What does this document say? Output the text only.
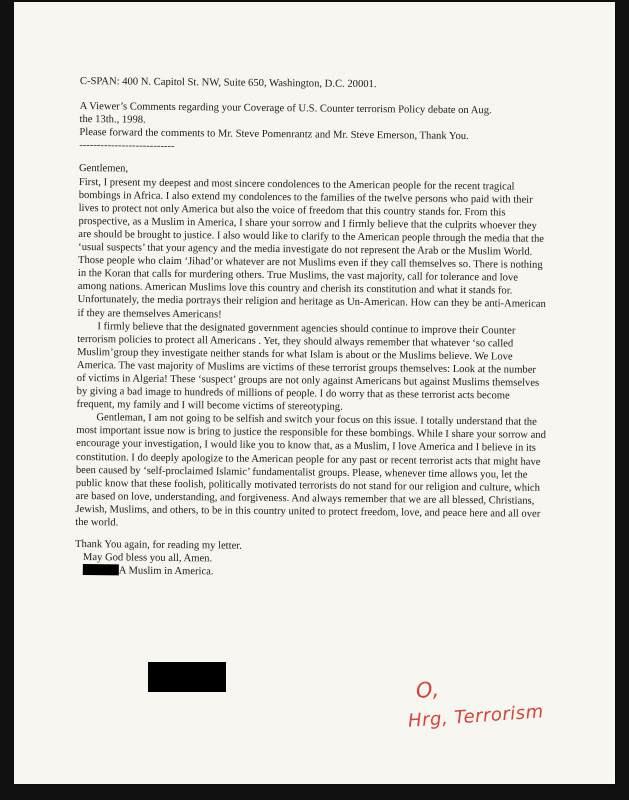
C-SPAN: 400 N. Capitol St. NW, Suite 650, Washington, D.C. 20001.

A Viewer’s Comments regarding your Coverage of U.S. Counter terrorism Policy debate on Aug.

the 13th., 1998.

Please forward the comments to Mr. Steve Pomenrantz and Mr. Steve Emerson, Thank You.

---------------------------

Gentlemen,

First, I present my deepest and most sincere condolences to the American people for the recent tragical bombings in Africa. I also extend my condolences to the families of the twelve persons who paid with their lives to protect not only America but also the voice of freedom that this country stands for. From this prospective, as a Muslim in America, I share your sorrow and I firmly believe that the culprits whoever they are should be brought to justice. I also would like to clarify to the American people through the media that the ‘usual suspects’ that your agency and the media investigate do not represent the Arab or the Muslim World. Those people who claim ‘Jihad’or whatever are not Muslims even if they call themselves so. There is nothing in the Koran that calls for murdering others. True Muslims, the vast majority, call for tolerance and love among nations. American Muslims love this country and cherish its constitution and what it stands for. Unfortunately, the media portrays their religion and heritage as Un-American. How can they be anti-American if they are themselves Americans!

I firmly believe that the designated government agencies should continue to improve their Counter terrorism policies to protect all Americans . Yet, they should always remember that whatever ‘so called Muslim’group they investigate neither stands for what Islam is about or the Muslims believe. We Love America. The vast majority of Muslims are victims of these terrorist groups themselves: Look at the number of victims in Algeria! These ‘suspect’ groups are not only against Americans but against Muslims themselves by giving a bad image to hundreds of millions of people. I do worry that as these terrorist acts become frequent, my family and I will become victims of stereotyping.

Gentleman, I am not going to be selfish and switch your focus on this issue. I totally understand that the most important issue now is bring to justice the responsible for these bombings. While I share your sorrow and encourage your investigation, I would like you to know that, as a Muslim, I love America and I believe in its constitution. I do deeply apologize to the American people for any past or recent terrorist acts that might have been caused by ‘self-proclaimed Islamic’ fundamentalist groups. Please, whenever time allows you, let the public know that these foolish, politically motivated terrorists do not stand for our religion and culture, which are based on love, understanding, and forgiveness. And always remember that we are all blessed, Christians, Jewish, Muslims, and others, to be in this country united to protect freedom, love, and peace here and all over the world.

Thank You again, for reading my letter.

May God bless you all, Amen.

A Muslim in America.

O,
Hrg, Terrorism
